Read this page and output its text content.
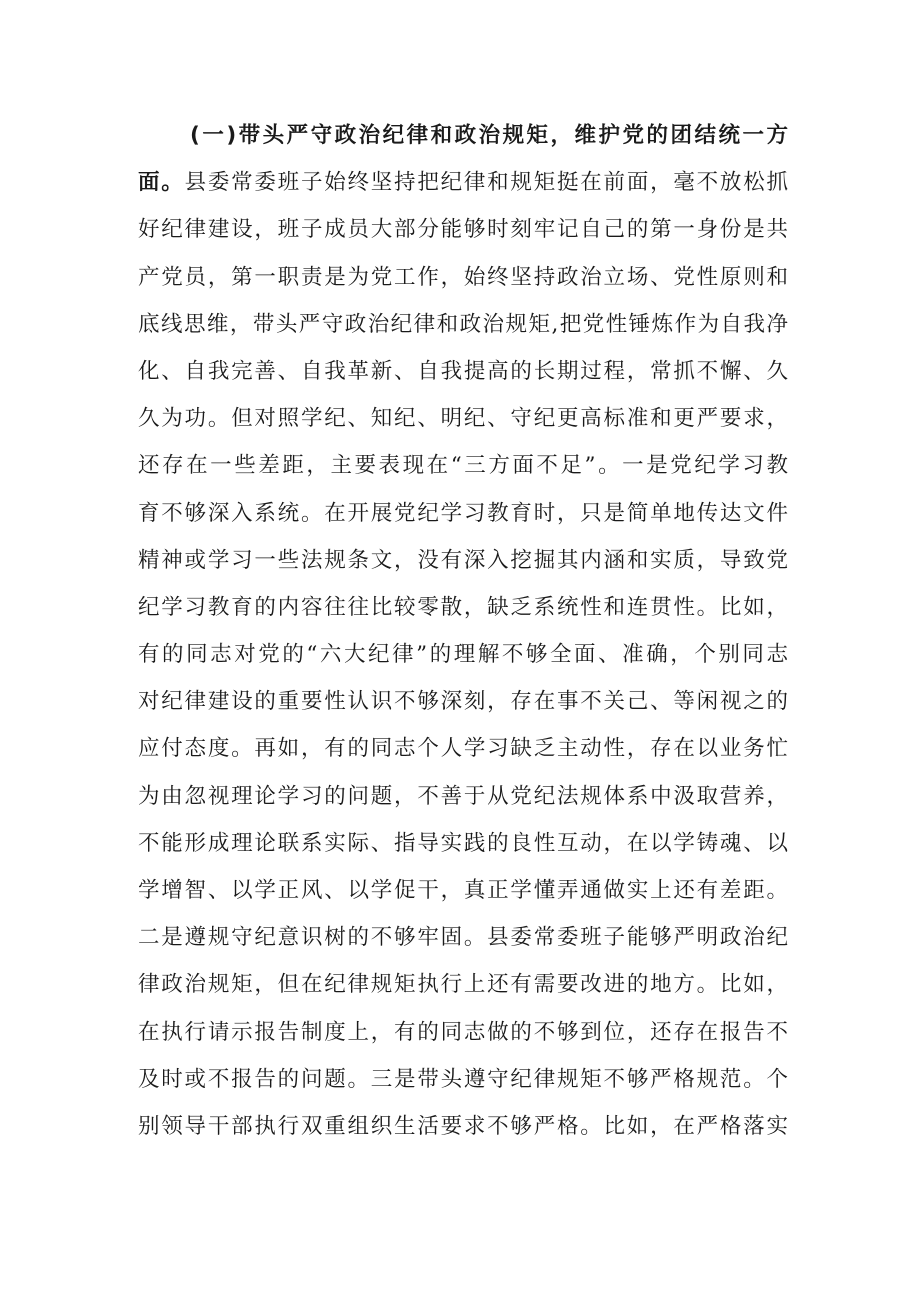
(一)带头严守政治纪律和政治规矩，维护党的团结统一方
面。县委常委班子始终坚持把纪律和规矩挺在前面，毫不放松抓
好纪律建设，班子成员大部分能够时刻牢记自己的第一身份是共
产党员，第一职责是为党工作，始终坚持政治立场、党性原则和
底线思维，带头严守政治纪律和政治规矩,把党性锤炼作为自我净
化、自我完善、自我革新、自我提高的长期过程，常抓不懈、久
久为功。但对照学纪、知纪、明纪、守纪更高标准和更严要求，
还存在一些差距，主要表现在“三方面不足”。一是党纪学习教
育不够深入系统。在开展党纪学习教育时，只是简单地传达文件
精神或学习一些法规条文，没有深入挖掘其内涵和实质，导致党
纪学习教育的内容往往比较零散，缺乏系统性和连贯性。比如，
有的同志对党的“六大纪律”的理解不够全面、准确，个别同志
对纪律建设的重要性认识不够深刻，存在事不关己、等闲视之的
应付态度。再如，有的同志个人学习缺乏主动性，存在以业务忙
为由忽视理论学习的问题，不善于从党纪法规体系中汲取营养，
不能形成理论联系实际、指导实践的良性互动，在以学铸魂、以
学增智、以学正风、以学促干，真正学懂弄通做实上还有差距。
二是遵规守纪意识树的不够牢固。县委常委班子能够严明政治纪
律政治规矩，但在纪律规矩执行上还有需要改进的地方。比如，
在执行请示报告制度上，有的同志做的不够到位，还存在报告不
及时或不报告的问题。三是带头遵守纪律规矩不够严格规范。个
别领导干部执行双重组织生活要求不够严格。比如，在严格落实
